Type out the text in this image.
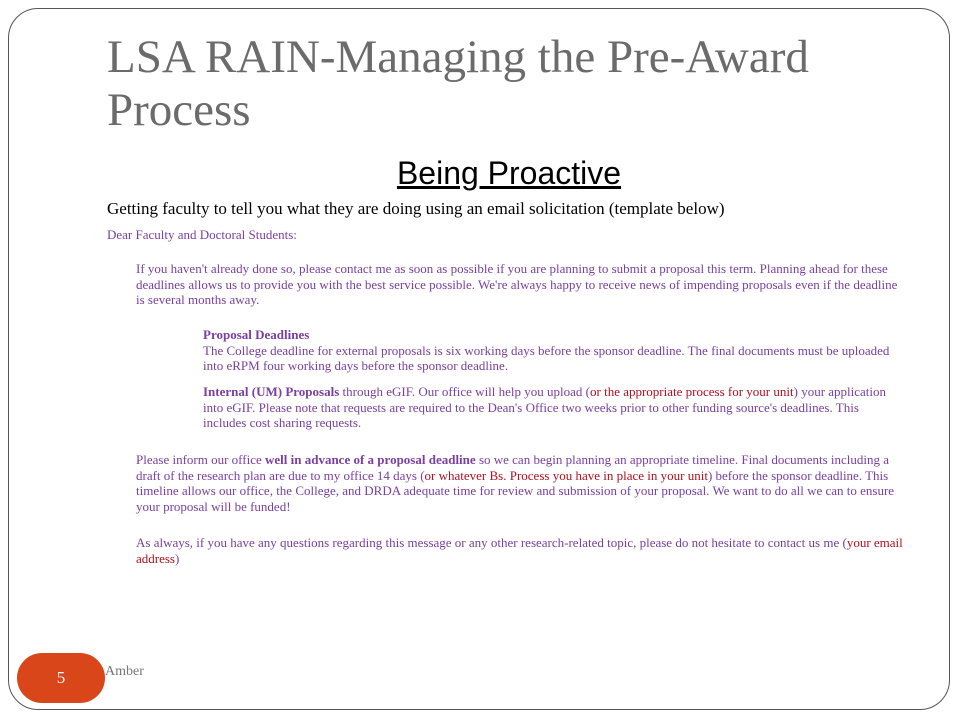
LSA RAIN-Managing the Pre-Award Process
Being Proactive
Getting faculty to tell you what they are doing using an email solicitation (template below)
Dear Faculty and Doctoral Students:

If you haven't already done so, please contact me as soon as possible if you are planning to submit a proposal this term. Planning ahead for these deadlines allows us to provide you with the best service possible. We're always happy to receive news of impending proposals even if the deadline is several months away.

Proposal Deadlines
The College deadline for external proposals is six working days before the sponsor deadline. The final documents must be uploaded into eRPM four working days before the sponsor deadline.

Internal (UM) Proposals through eGIF. Our office will help you upload (or the appropriate process for your unit) your application into eGIF. Please note that requests are required to the Dean's Office two weeks prior to other funding source's deadlines. This includes cost sharing requests.

Please inform our office well in advance of a proposal deadline so we can begin planning an appropriate timeline. Final documents including a draft of the research plan are due to my office 14 days (or whatever Bs. Process you have in place in your unit) before the sponsor deadline. This timeline allows our office, the College, and DRDA adequate time for review and submission of your proposal. We want to do all we can to ensure your proposal will be funded!

As always, if you have any questions regarding this message or any other research-related topic, please do not hesitate to contact us me (your email address)

Amber
5
